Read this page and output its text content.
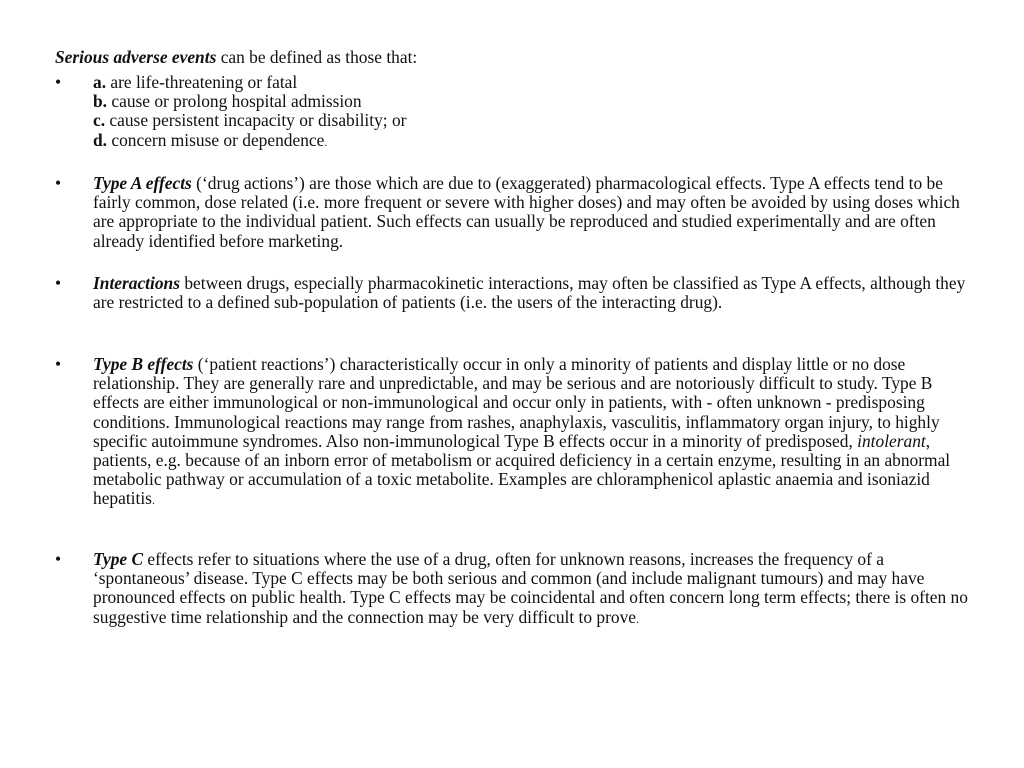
Serious adverse events can be defined as those that:
•	a. are life-threatening or fatal
b. cause or prolong hospital admission
c. cause persistent incapacity or disability; or
d. concern misuse or dependence.
•	Type A effects (‘drug actions’) are those which are due to (exaggerated) pharmacological effects. Type A effects tend to be fairly common, dose related (i.e. more frequent or severe with higher doses) and may often be avoided by using doses which are appropriate to the individual patient. Such effects can usually be reproduced and studied experimentally and are often already identified before marketing.
•	Interactions between drugs, especially pharmacokinetic interactions, may often be classified as Type A effects, although they are restricted to a defined sub-population of patients (i.e. the users of the interacting drug).
•	Type B effects (‘patient reactions’) characteristically occur in only a minority of patients and display little or no dose relationship. They are generally rare and unpredictable, and may be serious and are notoriously difficult to study. Type B effects are either immunological or non-immunological and occur only in patients, with - often unknown - predisposing conditions. Immunological reactions may range from rashes, anaphylaxis, vasculitis, inflammatory organ injury, to highly specific autoimmune syndromes. Also non-immunological Type B effects occur in a minority of predisposed, intolerant, patients, e.g. because of an inborn error of metabolism or acquired deficiency in a certain enzyme, resulting in an abnormal metabolic pathway or accumulation of a toxic metabolite. Examples are chloramphenicol aplastic anaemia and isoniazid hepatitis.
•	Type C effects refer to situations where the use of a drug, often for unknown reasons, increases the frequency of a ‘spontaneous’ disease. Type C effects may be both serious and common (and include malignant tumours) and may have pronounced effects on public health. Type C effects may be coincidental and often concern long term effects; there is often no suggestive time relationship and the connection may be very difficult to prove.
